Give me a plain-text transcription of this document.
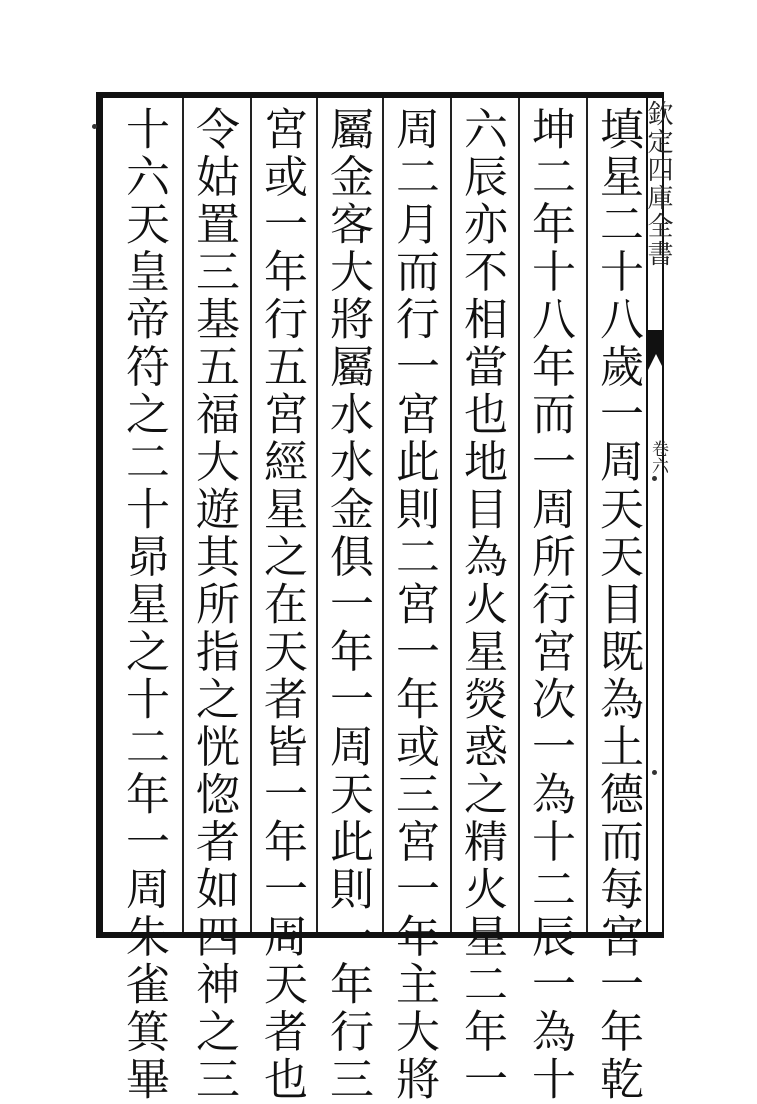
欽定四庫全書
卷六
填星二十八歲一周天天目既為土德而每宮一年乾
坤二年十八年而一周所行宮次一為十二辰一為十
六辰亦不相當也地目為火星熒惑之精火星二年一
周二月而行一宮此則二宮一年或三宮一年主大將
屬金客大將屬水水金俱一年一周天此則一年行三
宮或一年行五宮經星之在天者皆一年一周天者也
令姑置三基五福大遊其所指之恍惚者如四神之三
十六天皇帝符之二十昴星之十二年一周朱雀箕畢
